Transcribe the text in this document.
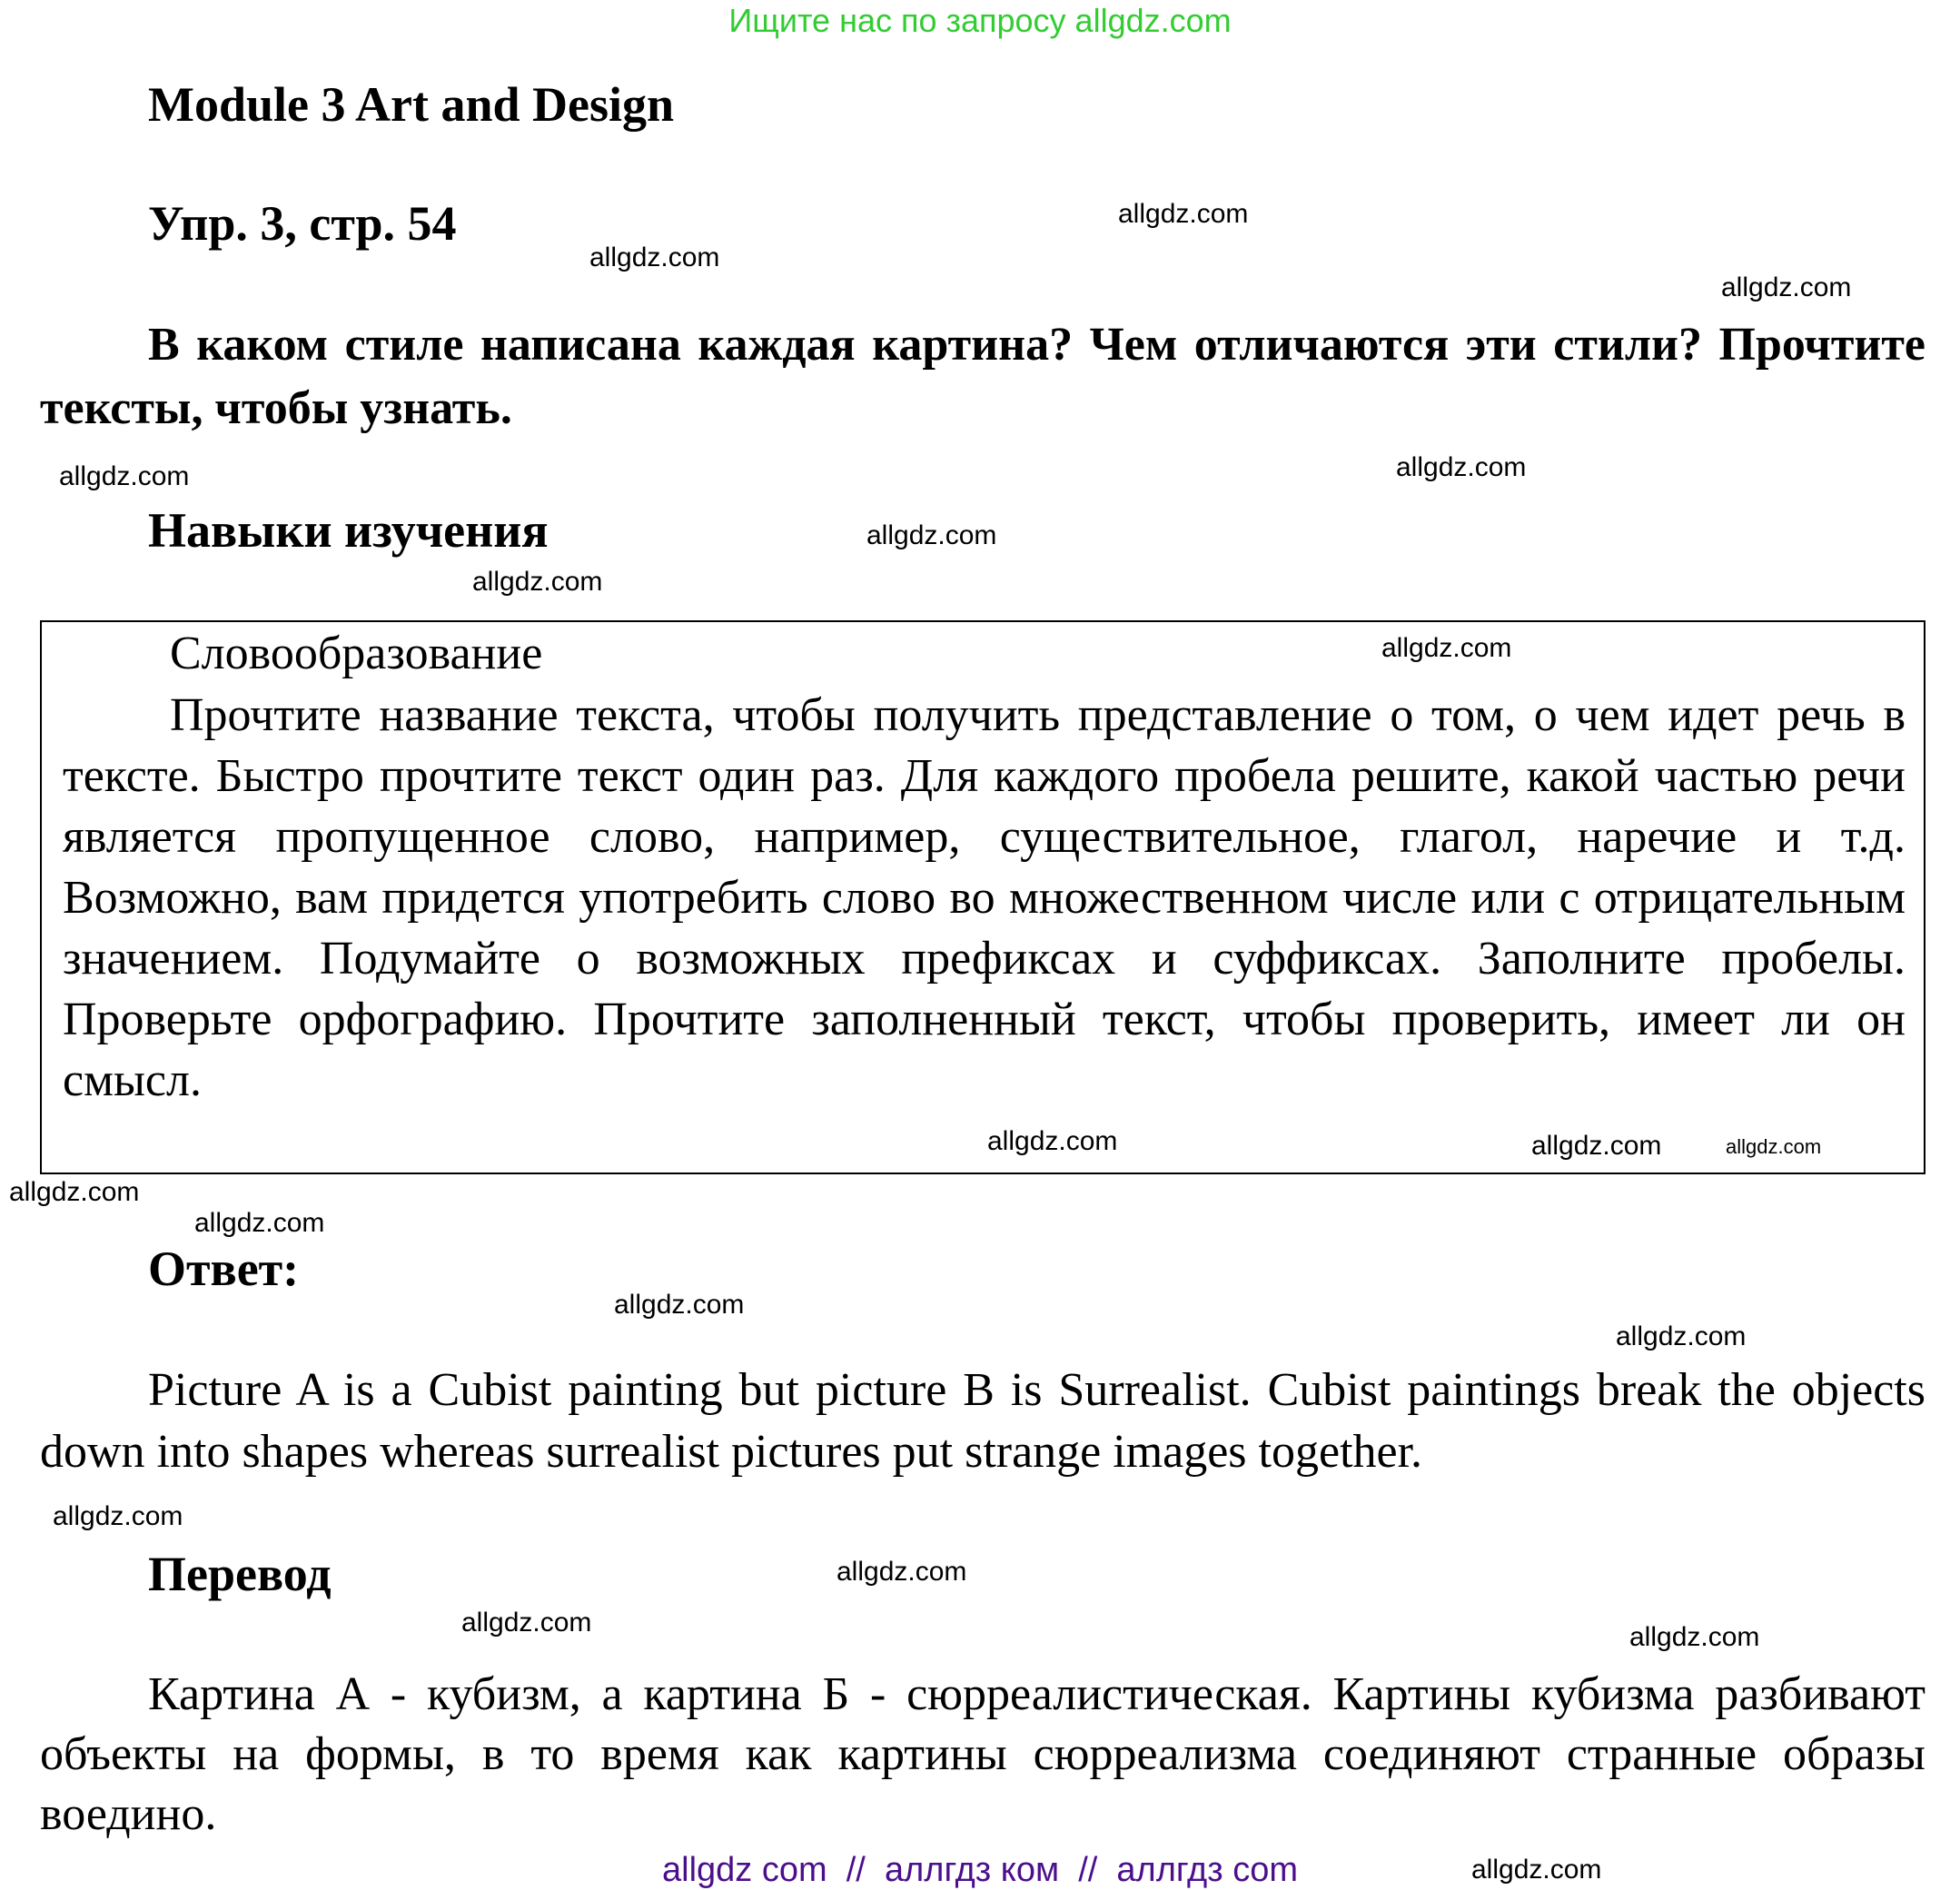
Ищите нас по запросу allgdz.com
Module 3 Art and Design
Упр. 3, стр. 54
В каком стиле написана каждая картина? Чем отличаются эти стили? Прочтите тексты, чтобы узнать.
Навыки изучения
Словообразование
Прочтите название текста, чтобы получить представление о том, о чем идет речь в тексте. Быстро прочтите текст один раз. Для каждого пробела решите, какой частью речи является пропущенное слово, например, существительное, глагол, наречие и т.д. Возможно, вам придется употребить слово во множественном числе или с отрицательным значением. Подумайте о возможных префиксах и суффиксах. Заполните пробелы. Проверьте орфографию. Прочтите заполненный текст, чтобы проверить, имеет ли он смысл.
Ответ:
Picture A is a Cubist painting but picture B is Surrealist. Cubist paintings break the objects down into shapes whereas surrealist pictures put strange images together.
Перевод
Картина А - кубизм, а картина Б - сюрреалистическая. Картины кубизма разбивают объекты на формы, в то время как картины сюрреализма соединяют странные образы воедино.
allgdz.com
allgdz.com
allgdz.com
allgdz.com
allgdz.com
allgdz.com
allgdz.com
allgdz.com
allgdz.com
allgdz.com
allgdz.com
allgdz.com
allgdz.com
allgdz.com
allgdz.com
allgdz.com
allgdz.com
allgdz.com	allgdz.com
allgdz.com
allgdz com  //  аллгдз ком  //  аллгдз com
